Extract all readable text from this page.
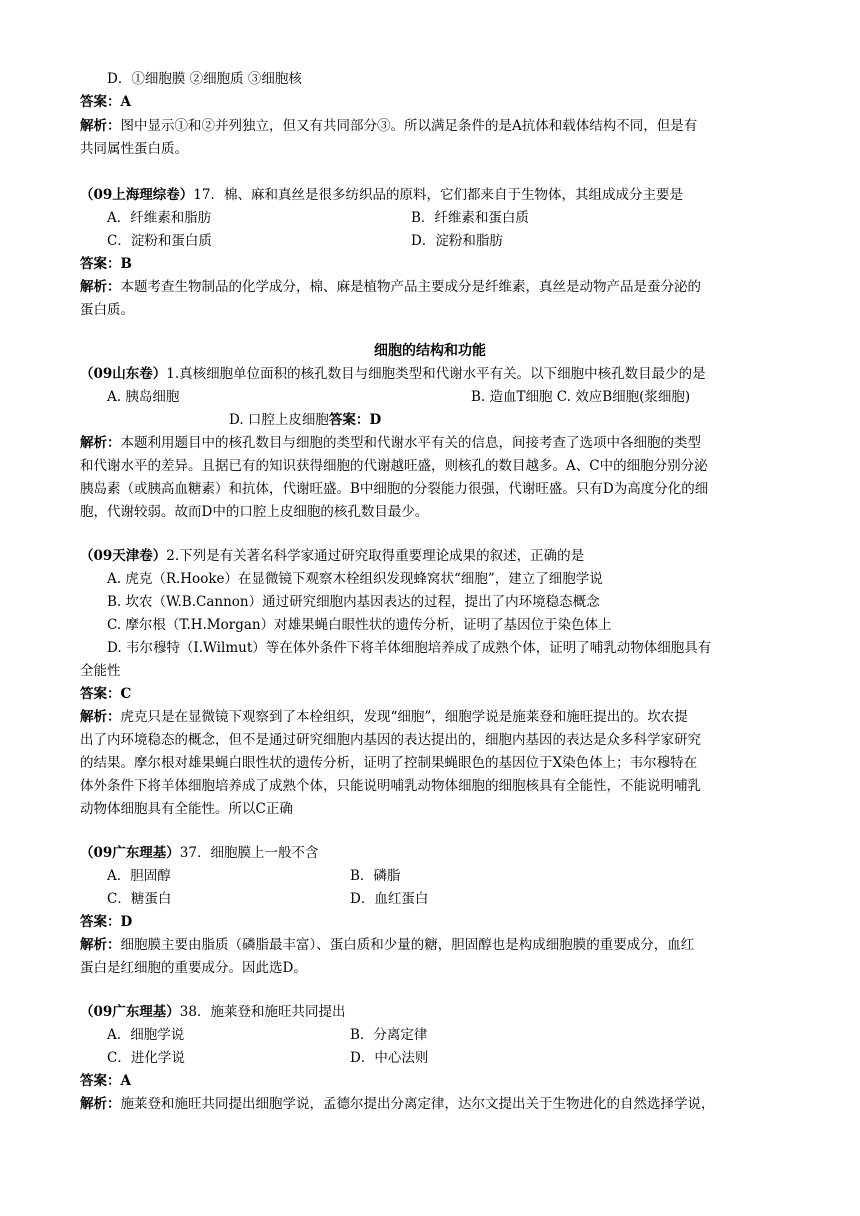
D．①细胞膜 ②细胞质 ③细胞核
答案：A
解析：图中显示①和②并列独立，但又有共同部分③。所以满足条件的是A抗体和载体结构不同，但是有
共同属性蛋白质。
（09上海理综卷）17．棉、麻和真丝是很多纺织品的原料，它们都来自于生物体，其组成成分主要是
A．纤维素和脂肪	B．纤维素和蛋白质
C．淀粉和蛋白质	D．淀粉和脂肪
答案：B
解析：本题考查生物制品的化学成分，棉、麻是植物产品主要成分是纤维素，真丝是动物产品是蚕分泌的
蛋白质。
细胞的结构和功能
（09山东卷）1.真核细胞单位面积的核孔数目与细胞类型和代谢水平有关。以下细胞中核孔数目最少的是
A. 胰岛细胞	B. 造血T细胞 C. 效应B细胞(浆细胞)
D. 口腔上皮细胞答案：D
解析：本题利用题目中的核孔数目与细胞的类型和代谢水平有关的信息，间接考查了选项中各细胞的类型
和代谢水平的差异。且据已有的知识获得细胞的代谢越旺盛，则核孔的数目越多。A、C中的细胞分别分泌
胰岛素（或胰高血糖素）和抗体，代谢旺盛。B中细胞的分裂能力很强，代谢旺盛。只有D为高度分化的细
胞，代谢较弱。故而D中的口腔上皮细胞的核孔数目最少。
（09天津卷）2.下列是有关著名科学家通过研究取得重要理论成果的叙述，正确的是
A. 虎克（R.Hooke）在显微镜下观察木栓组织发现蜂窝状“细胞”，建立了细胞学说
B. 坎农（W.B.Cannon）通过研究细胞内基因表达的过程，提出了内环境稳态概念
C. 摩尔根（T.H.Morgan）对雄果蝇白眼性状的遗传分析，证明了基因位于染色体上
D. 韦尔穆特（I.Wilmut）等在体外条件下将羊体细胞培养成了成熟个体，证明了哺乳动物体细胞具有
全能性
答案：C
解析：虎克只是在显微镜下观察到了本栓组织，发现“细胞”，细胞学说是施莱登和施旺提出的。坎农提
出了内环境稳态的概念，但不是通过研究细胞内基因的表达提出的，细胞内基因的表达是众多科学家研究
的结果。摩尔根对雄果蝇白眼性状的遗传分析，证明了控制果蝇眼色的基因位于X染色体上；韦尔穆特在
体外条件下将羊体细胞培养成了成熟个体，只能说明哺乳动物体细胞的细胞核具有全能性，不能说明哺乳
动物体细胞具有全能性。所以C正确
（09广东理基）37．细胞膜上一般不含
A．胆固醇	B．磷脂
C．糖蛋白	D．血红蛋白
答案：D
解析：细胞膜主要由脂质（磷脂最丰富）、蛋白质和少量的糖，胆固醇也是构成细胞膜的重要成分，血红
蛋白是红细胞的重要成分。因此选D。
（09广东理基）38．施莱登和施旺共同提出
A．细胞学说	B．分离定律
C．进化学说	D．中心法则
答案：A
解析：施莱登和施旺共同提出细胞学说，孟德尔提出分离定律，达尔文提出关于生物进化的自然选择学说，
